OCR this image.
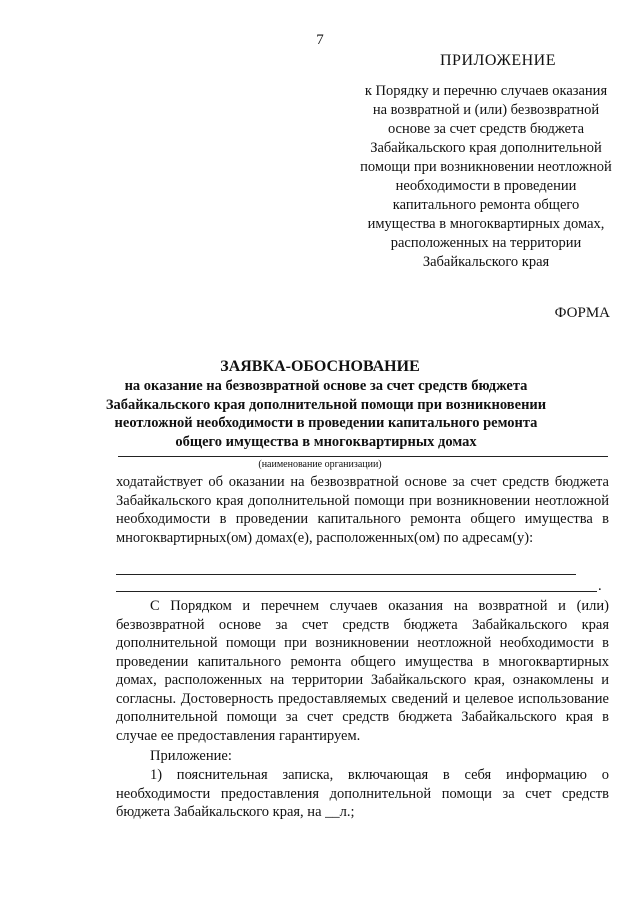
7
ПРИЛОЖЕНИЕ
к Порядку и перечню случаев оказания на возвратной и (или) безвозвратной основе за счет средств бюджета Забайкальского края дополнительной помощи при возникновении неотложной необходимости в проведении капитального ремонта общего имущества в многоквартирных домах, расположенных на территории Забайкальского края
ФОРМА
ЗАЯВКА-ОБОСНОВАНИЕ
на оказание на безвозвратной основе за счет средств бюджета Забайкальского края дополнительной помощи при возникновении неотложной необходимости в проведении капитального ремонта общего имущества в многоквартирных домах
(наименование организации)
ходатайствует об оказании на безвозвратной основе за счет средств бюджета Забайкальского края дополнительной помощи при возникновении неотложной необходимости в проведении капитального ремонта общего имущества в многоквартирных(ом) домах(е), расположенных(ом) по адресам(у):
.
С Порядком и перечнем случаев оказания на возвратной и (или) безвозвратной основе за счет средств бюджета Забайкальского края дополнительной помощи при возникновении неотложной необходимости в проведении капитального ремонта общего имущества в многоквартирных домах, расположенных на территории Забайкальского края, ознакомлены и согласны. Достоверность предоставляемых сведений и целевое использование дополнительной помощи за счет средств бюджета Забайкальского края в случае ее предоставления гарантируем.
Приложение:
1) пояснительная записка, включающая в себя информацию о необходимости предоставления дополнительной помощи за счет средств бюджета Забайкальского края, на __л.;
